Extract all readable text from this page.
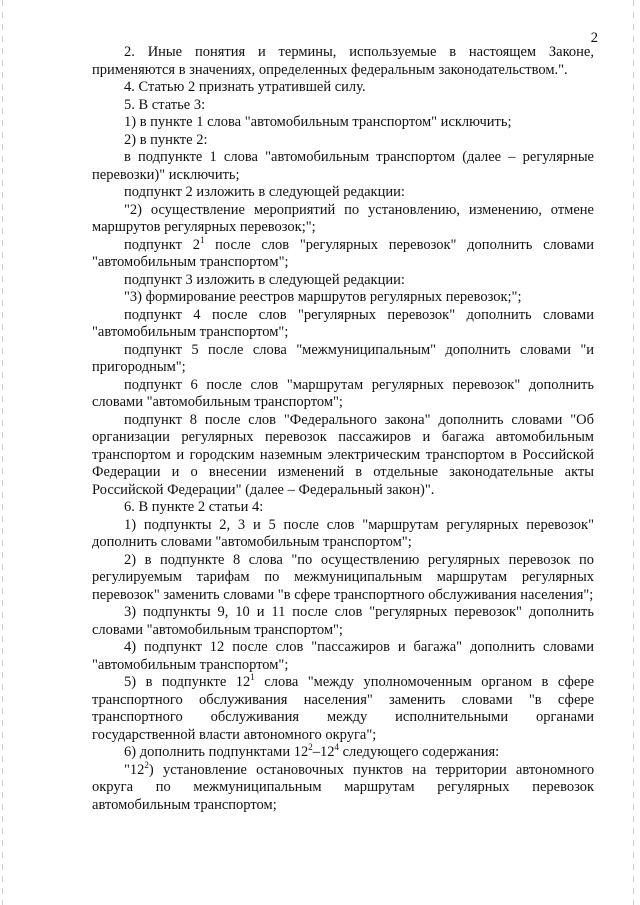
2

2. Иные понятия и термины, используемые в настоящем Законе, применяются в значениях, определенных федеральным законодательством.".

4. Статью 2 признать утратившей силу.

5. В статье 3:

1) в пункте 1 слова "автомобильным транспортом" исключить;

2) в пункте 2:

в подпункте 1 слова "автомобильным транспортом (далее – регулярные перевозки)" исключить;

подпункт 2 изложить в следующей редакции:

"2) осуществление мероприятий по установлению, изменению, отмене маршрутов регулярных перевозок;";

подпункт $2^1$ после слов "регулярных перевозок" дополнить словами "автомобильным транспортом";

подпункт 3 изложить в следующей редакции:

"3) формирование реестров маршрутов регулярных перевозок;";

подпункт 4 после слов "регулярных перевозок" дополнить словами "автомобильным транспортом";

подпункт 5 после слова "межмуниципальным" дополнить словами "и пригородным";

подпункт 6 после слов "маршрутам регулярных перевозок" дополнить словами "автомобильным транспортом";

подпункт 8 после слов "Федерального закона" дополнить словами "Об организации регулярных перевозок пассажиров и багажа автомобильным транспортом и городским наземным электрическим транспортом в Российской Федерации и о внесении изменений в отдельные законодательные акты Российской Федерации" (далее – Федеральный закон)".

6. В пункте 2 статьи 4:

1) подпункты 2, 3 и 5 после слов "маршрутам регулярных перевозок" дополнить словами "автомобильным транспортом";

2) в подпункте 8 слова "по осуществлению регулярных перевозок по регулируемым тарифам по межмуниципальным маршрутам регулярных перевозок" заменить словами "в сфере транспортного обслуживания населения";

3) подпункты 9, 10 и 11 после слов "регулярных перевозок" дополнить словами "автомобильным транспортом";

4) подпункт 12 после слов "пассажиров и багажа" дополнить словами "автомобильным транспортом";

5) в подпункте $12^1$ слова "между уполномоченным органом в сфере транспортного обслуживания населения" заменить словами "в сфере транспортного обслуживания между исполнительными органами государственной власти автономного округа";

6) дополнить подпунктами $12^2-12^4$ следующего содержания:

"$12^2$) установление остановочных пунктов на территории автономного округа по межмуниципальным маршрутам регулярных перевозок автомобильным транспортом;
